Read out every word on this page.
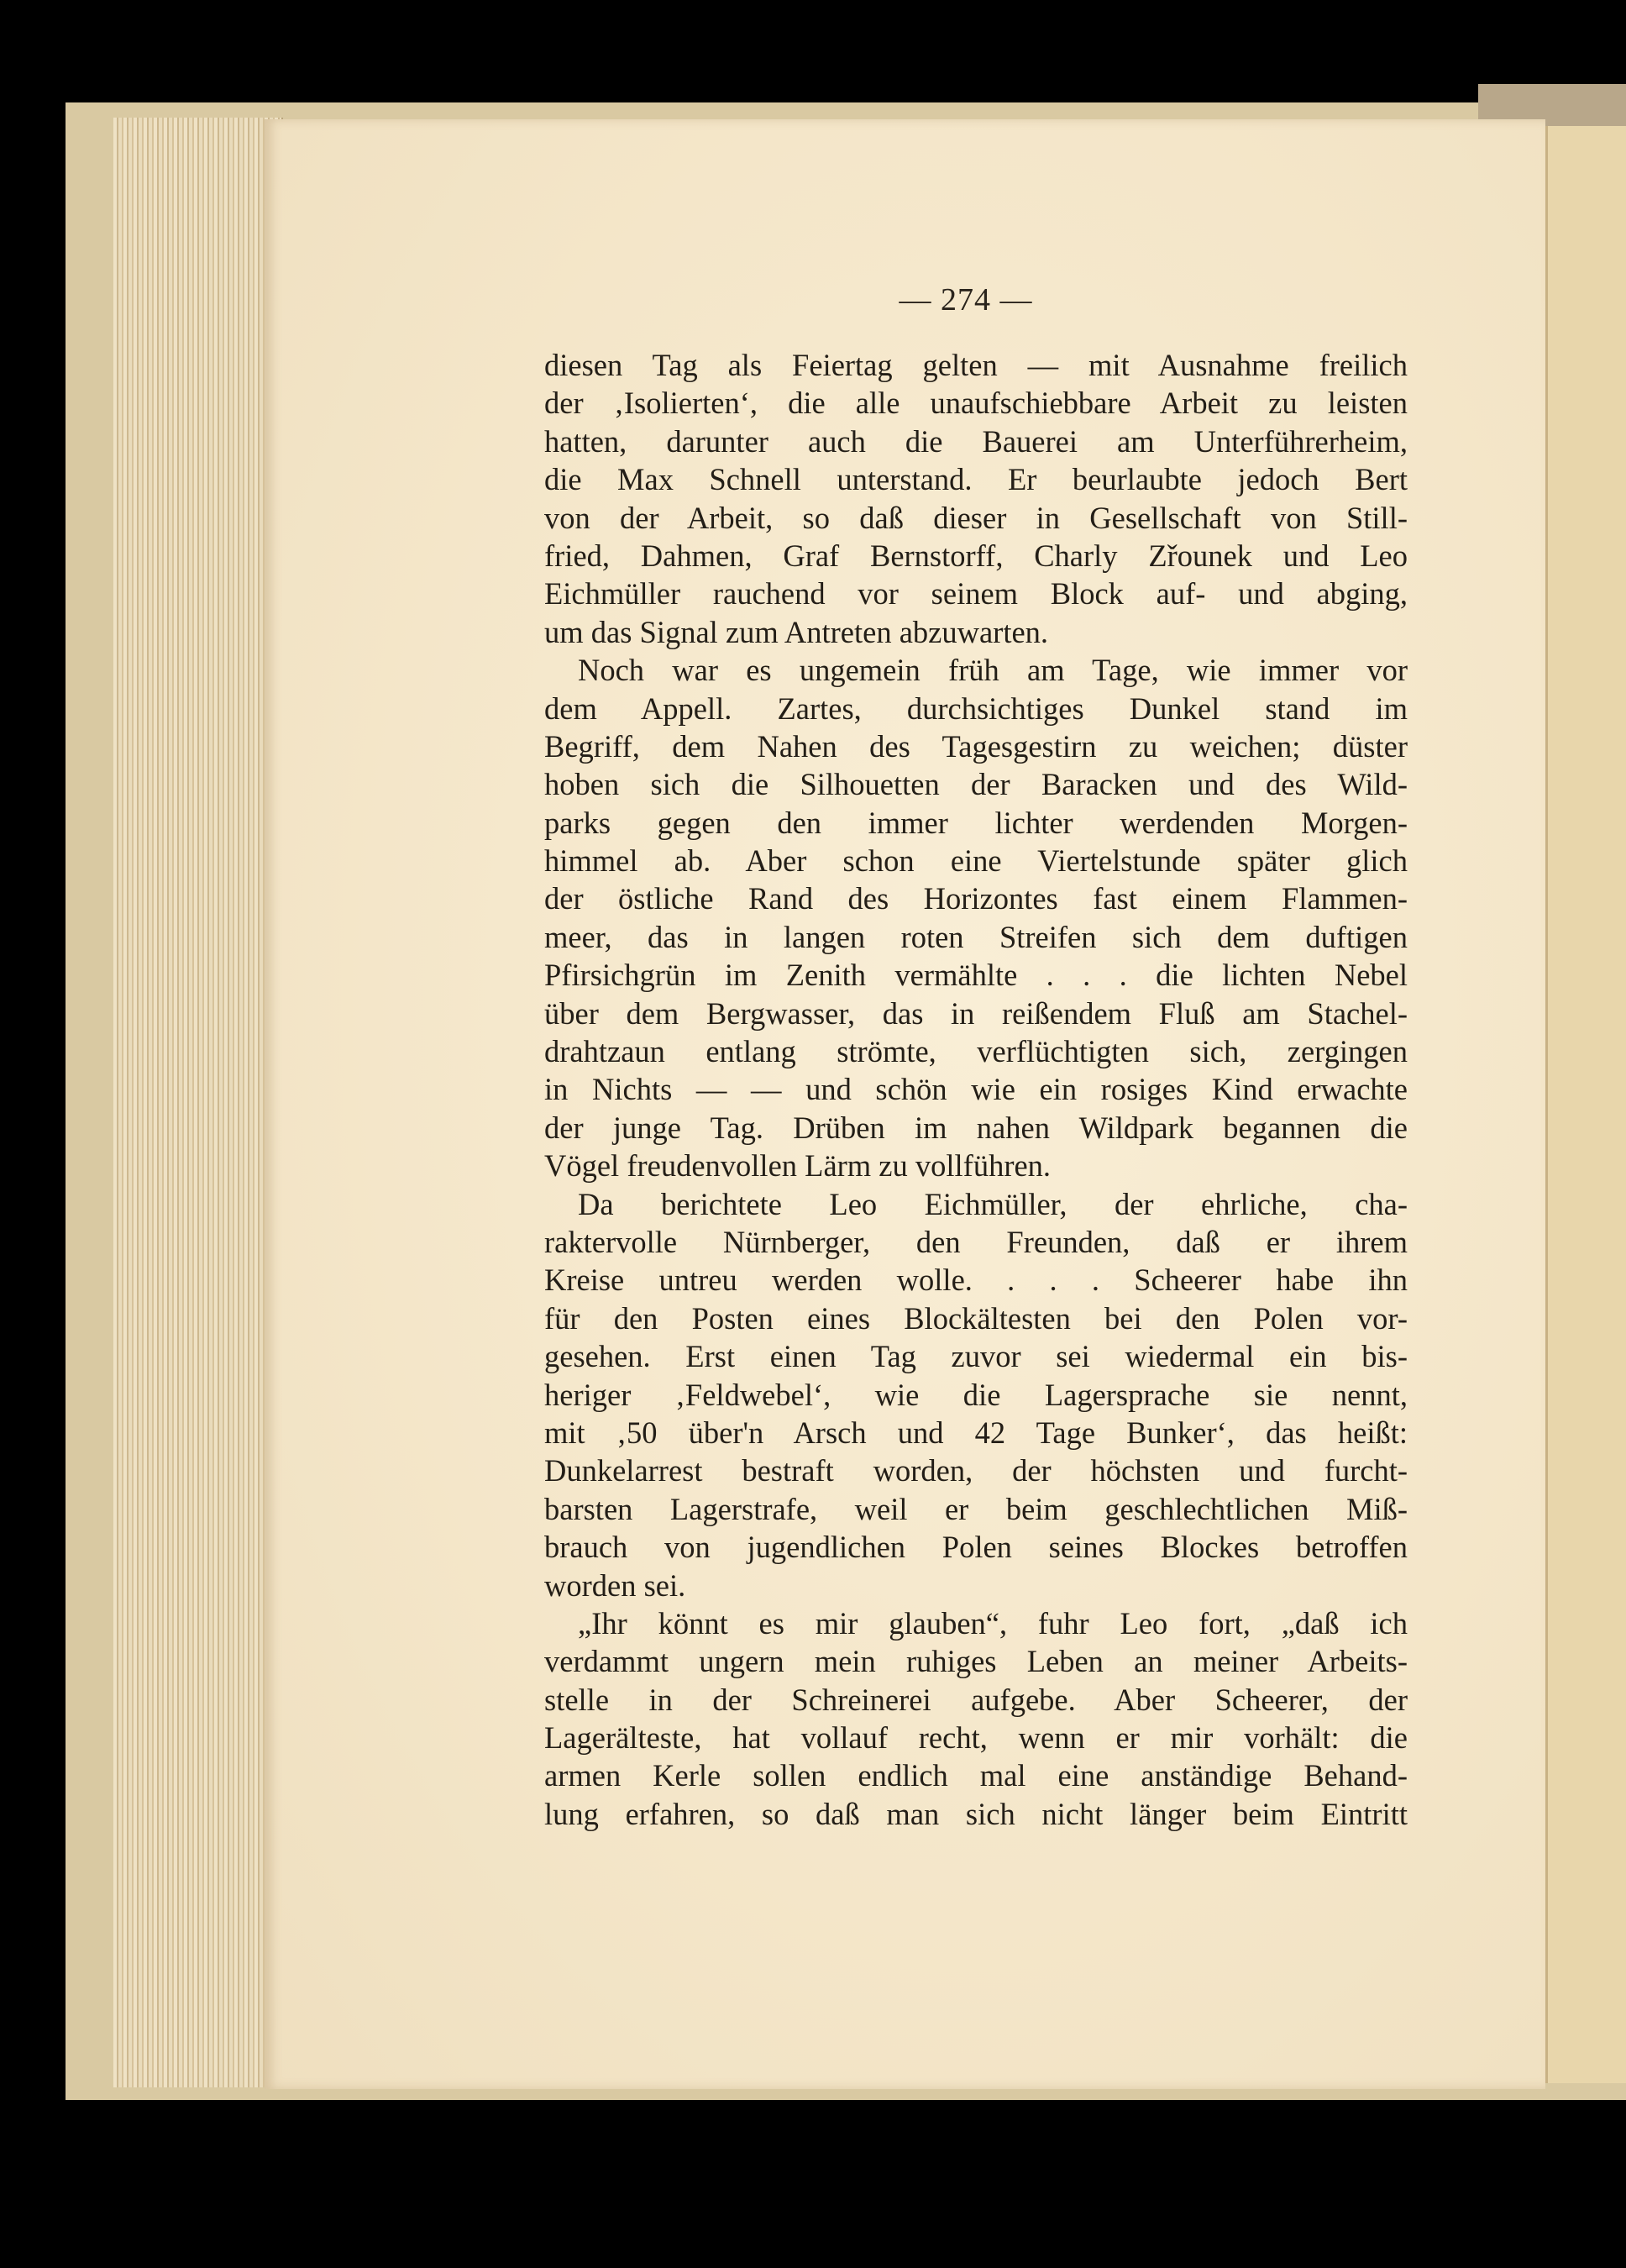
— 274 —
diesen Tag als Feiertag gelten — mit Ausnahme freilich
der ‚Isolierten‘, die alle unaufschiebbare Arbeit zu leisten
hatten, darunter auch die Bauerei am Unterführerheim,
die Max Schnell unterstand. Er beurlaubte jedoch Bert
von der Arbeit, so daß dieser in Gesellschaft von Still-
fried, Dahmen, Graf Bernstorff, Charly Zřounek und Leo
Eichmüller rauchend vor seinem Block auf- und abging,
um das Signal zum Antreten abzuwarten.
Noch war es ungemein früh am Tage, wie immer vor
dem Appell. Zartes, durchsichtiges Dunkel stand im
Begriff, dem Nahen des Tagesgestirn zu weichen; düster
hoben sich die Silhouetten der Baracken und des Wild-
parks gegen den immer lichter werdenden Morgen-
himmel ab. Aber schon eine Viertelstunde später glich
der östliche Rand des Horizontes fast einem Flammen-
meer, das in langen roten Streifen sich dem duftigen
Pfirsichgrün im Zenith vermählte . . . die lichten Nebel
über dem Bergwasser, das in reißendem Fluß am Stachel-
drahtzaun entlang strömte, verflüchtigten sich, zergingen
in Nichts — — und schön wie ein rosiges Kind erwachte
der junge Tag. Drüben im nahen Wildpark begannen die
Vögel freudenvollen Lärm zu vollführen.
Da berichtete Leo Eichmüller, der ehrliche, cha-
raktervolle Nürnberger, den Freunden, daß er ihrem
Kreise untreu werden wolle. . . . Scheerer habe ihn
für den Posten eines Blockältesten bei den Polen vor-
gesehen. Erst einen Tag zuvor sei wiedermal ein bis-
heriger ‚Feldwebel‘, wie die Lagersprache sie nennt,
mit ‚50 über'n Arsch und 42 Tage Bunker‘, das heißt:
Dunkelarrest bestraft worden, der höchsten und furcht-
barsten Lagerstrafe, weil er beim geschlechtlichen Miß-
brauch von jugendlichen Polen seines Blockes betroffen
worden sei.
„Ihr könnt es mir glauben“, fuhr Leo fort, „daß ich
verdammt ungern mein ruhiges Leben an meiner Arbeits-
stelle in der Schreinerei aufgebe. Aber Scheerer, der
Lagerälteste, hat vollauf recht, wenn er mir vorhält: die
armen Kerle sollen endlich mal eine anständige Behand-
lung erfahren, so daß man sich nicht länger beim Eintritt
